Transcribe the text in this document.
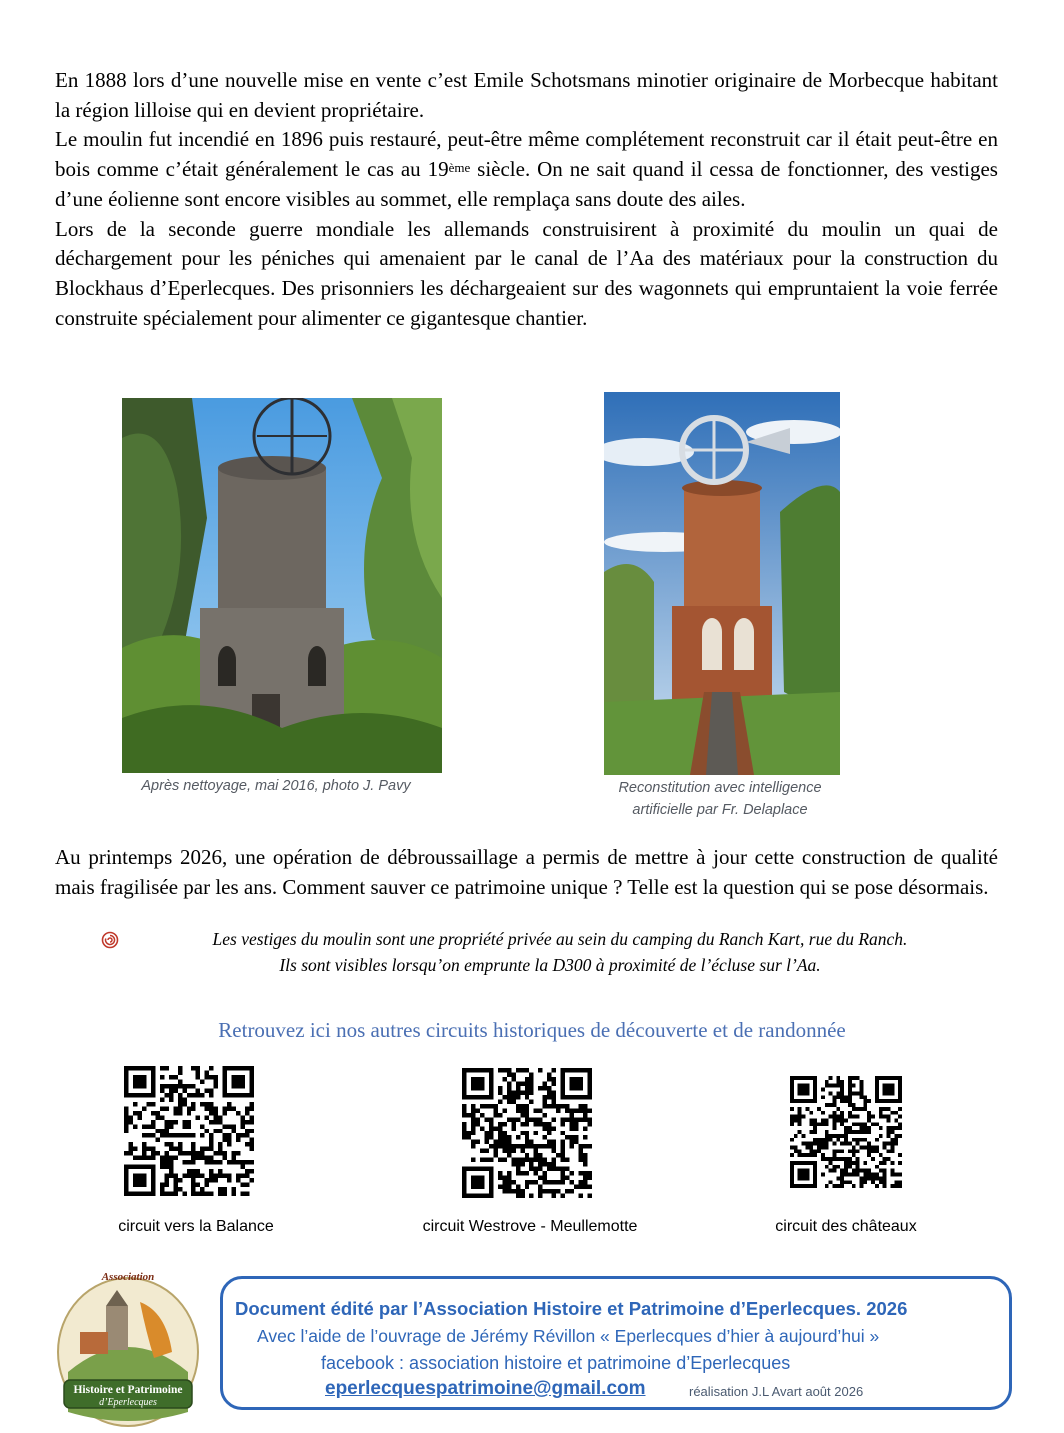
En 1888 lors d’une nouvelle mise en vente c’est Emile Schotsmans minotier originaire de Morbecque habitant la région lilloise qui en devient propriétaire.

Le moulin fut incendié en 1896 puis restauré, peut-être même complétement reconstruit car il était peut-être en bois comme c’était généralement le cas au 19ème siècle. On ne sait quand il cessa de fonctionner, des vestiges d’une éolienne sont encore visibles au sommet, elle remplaça sans doute des ailes.

Lors de la seconde guerre mondiale les allemands construisirent à proximité du moulin un quai de déchargement pour les péniches qui amenaient par le canal de l’Aa des matériaux pour la construction du Blockhaus d’Eperlecques. Des prisonniers les déchargeaient sur des wagonnets qui empruntaient la voie ferrée construite spécialement pour alimenter ce gigantesque chantier.

Après nettoyage, mai 2016, photo J. Pavy	Reconstitution avec intelligence
artificielle par Fr. Delaplace

Au printemps 2026, une opération de débroussaillage a permis de mettre à jour cette construction de qualité mais fragilisée par les ans. Comment sauver ce patrimoine unique ? Telle est la question qui se pose désormais.

Les vestiges du moulin sont une propriété privée au sein du camping du Ranch Kart, rue du Ranch.
Ils sont visibles lorsqu’on emprunte la D300 à proximité de l’écluse sur l’Aa.
Retrouvez ici nos autres circuits historiques de découverte et de randonnée
circuit vers la Balance	circuit Westrove - Meullemotte	circuit des châteaux
Association
Histoire et Patrimoine
d’Eperlecques
Document édité par l’Association Histoire et Patrimoine d’Eperlecques. 2026
Avec l’aide de l’ouvrage de Jérémy Révillon « Eperlecques d’hier à aujourd’hui »
facebook : association histoire et patrimoine d’Eperlecques
eperlecquespatrimoine@gmail.com	réalisation J.L Avart août 2026
